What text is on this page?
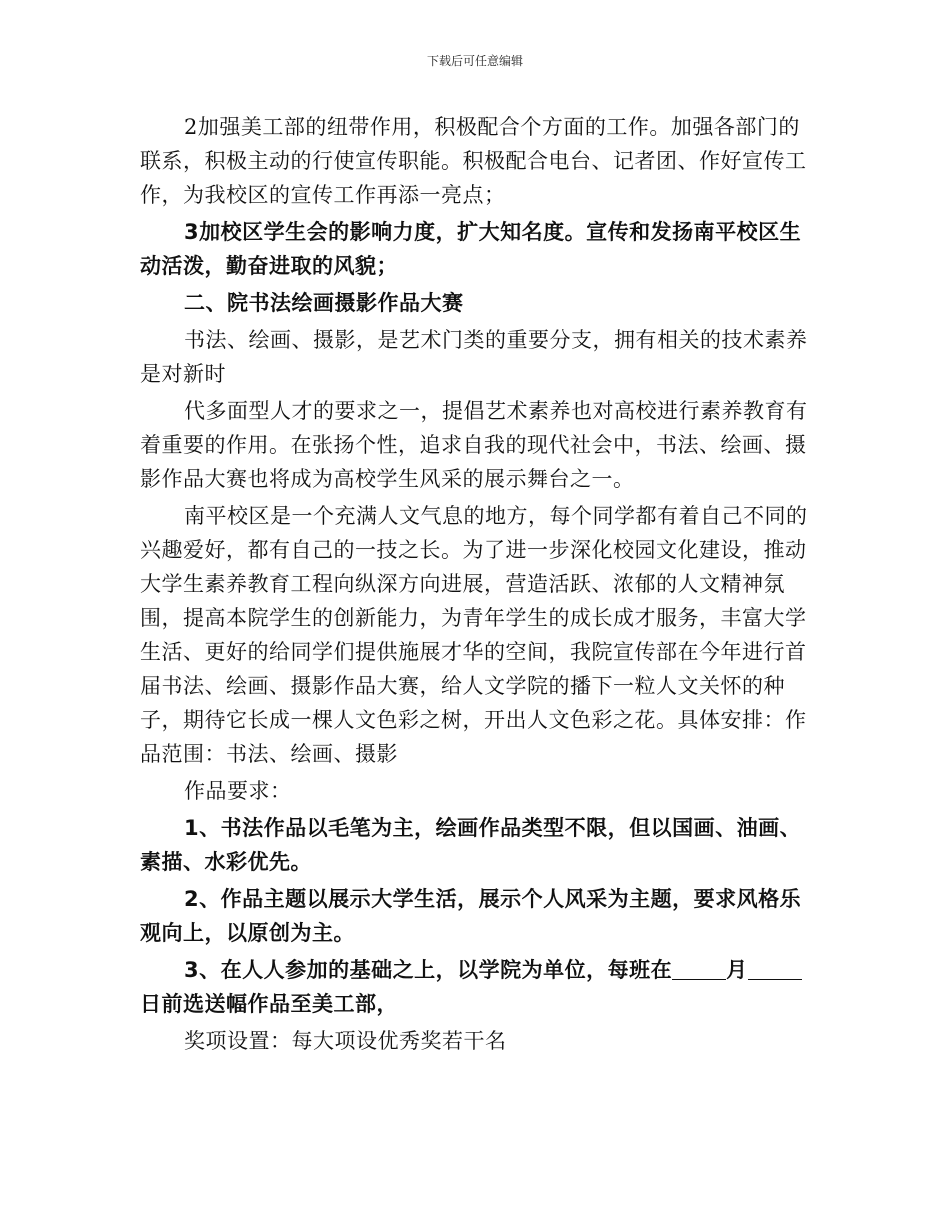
下载后可任意编辑

2加强美工部的纽带作用，积极配合个方面的工作。加强各部门的联系，积极主动的行使宣传职能。积极配合电台、记者团、作好宣传工作，为我校区的宣传工作再添一亮点；

3加校区学生会的影响力度，扩大知名度。宣传和发扬南平校区生动活泼，勤奋进取的风貌；

二、院书法绘画摄影作品大赛

书法、绘画、摄影，是艺术门类的重要分支，拥有相关的技术素养是对新时

代多面型人才的要求之一，提倡艺术素养也对高校进行素养教育有着重要的作用。在张扬个性，追求自我的现代社会中，书法、绘画、摄影作品大赛也将成为高校学生风采的展示舞台之一。

南平校区是一个充满人文气息的地方，每个同学都有着自己不同的兴趣爱好，都有自己的一技之长。为了进一步深化校园文化建设，推动大学生素养教育工程向纵深方向进展，营造活跃、浓郁的人文精神氛围，提高本院学生的创新能力，为青年学生的成长成才服务，丰富大学生活、更好的给同学们提供施展才华的空间，我院宣传部在今年进行首届书法、绘画、摄影作品大赛，给人文学院的播下一粒人文关怀的种子，期待它长成一棵人文色彩之树，开出人文色彩之花。具体安排：作品范围：书法、绘画、摄影

作品要求：

1、书法作品以毛笔为主，绘画作品类型不限，但以国画、油画、素描、水彩优先。

2、作品主题以展示大学生活，展示个人风采为主题，要求风格乐观向上，以原创为主。

3、在人人参加的基础之上，以学院为单位，每班在	月日前选送幅作品至美工部，

奖项设置：每大项设优秀奖若干名
